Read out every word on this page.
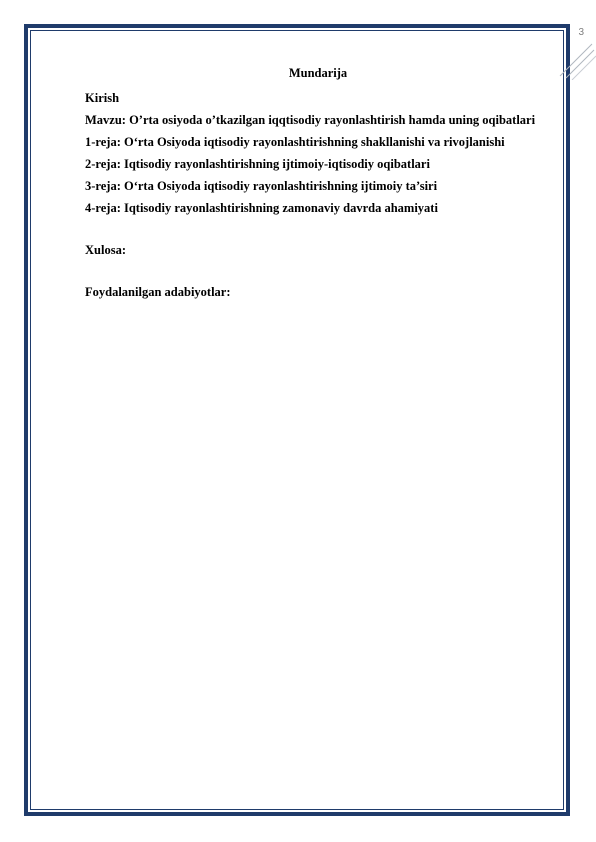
3
Mundarija
Kirish
Mavzu: O’rta osiyoda o’tkazilgan iqqtisodiy rayonlashtirish hamda uning oqibatlari
1-reja: O‘rta Osiyoda iqtisodiy rayonlashtirishning shakllanishi va rivojlanishi
2-reja: Iqtisodiy rayonlashtirishning ijtimoiy-iqtisodiy oqibatlari
3-reja: O‘rta Osiyoda iqtisodiy rayonlashtirishning ijtimoiy ta’siri
4-reja: Iqtisodiy rayonlashtirishning zamonaviy davrda ahamiyati
Xulosa:
Foydalanilgan adabiyotlar:
